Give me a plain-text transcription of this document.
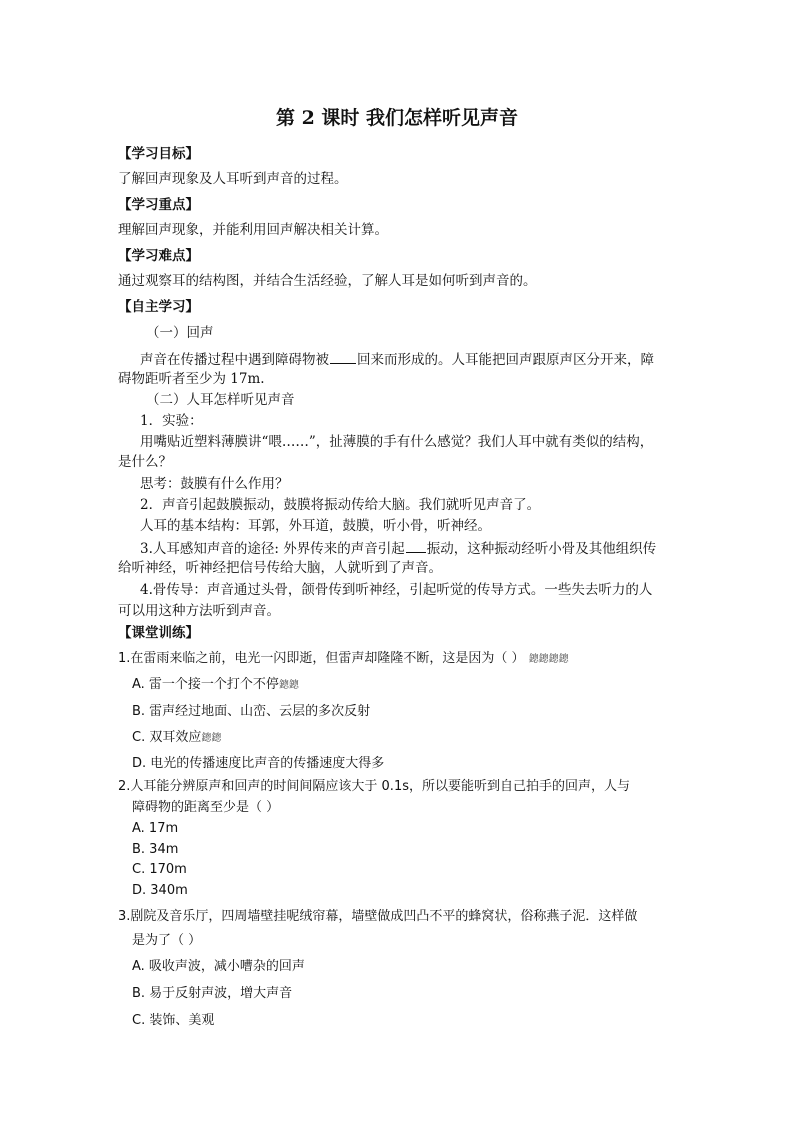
第 2 课时 我们怎样听见声音
【学习目标】
了解回声现象及人耳听到声音的过程。
【学习重点】
理解回声现象，并能利用回声解决相关计算。
【学习难点】
通过观察耳的结构图，并结合生活经验，了解人耳是如何听到声音的。
【自主学习】
（一）回声
声音在传播过程中遇到障碍物被 回来而形成的。人耳能把回声跟原声区分开来，障
碍物距听者至少为 17m.
（二）人耳怎样听见声音
1．实验：
用嘴贴近塑料薄膜讲“喂……”，扯薄膜的手有什么感觉？我们人耳中就有类似的结构，
是什么？
思考：鼓膜有什么作用？
2．声音引起鼓膜振动，鼓膜将振动传给大脑。我们就听见声音了。
人耳的基本结构：耳郭，外耳道，鼓膜，听小骨，听神经。
3.人耳感知声音的途径: 外界传来的声音引起 振动，这种振动经听小骨及其他组织传
给听神经，听神经把信号传给大脑，人就听到了声音。
4.骨传导：声音通过头骨，颌骨传到听神经，引起听觉的传导方式。一些失去听力的人
可以用这种方法听到声音。
【课堂训练】
1.在雷雨来临之前，电光一闪即逝，但雷声却隆隆不断，这是因为（ ） 鏓鏓鏓鏓
A. 雷一个接一个打个不停鏓鏓
B. 雷声经过地面、山峦、云层的多次反射
C. 双耳效应鏓鏓
D. 电光的传播速度比声音的传播速度大得多
2.人耳能分辨原声和回声的时间间隔应该大于 0.1s，所以要能听到自己拍手的回声，人与
障碍物的距离至少是（ ）
A. 17m
B. 34m
C. 170m
D. 340m
3.剧院及音乐厅，四周墙壁挂呢绒帘幕，墙壁做成凹凸不平的蜂窝状，俗称燕子泥．这样做
是为了（ ）
A. 吸收声波，减小嘈杂的回声
B. 易于反射声波，增大声音
C. 装饰、美观
